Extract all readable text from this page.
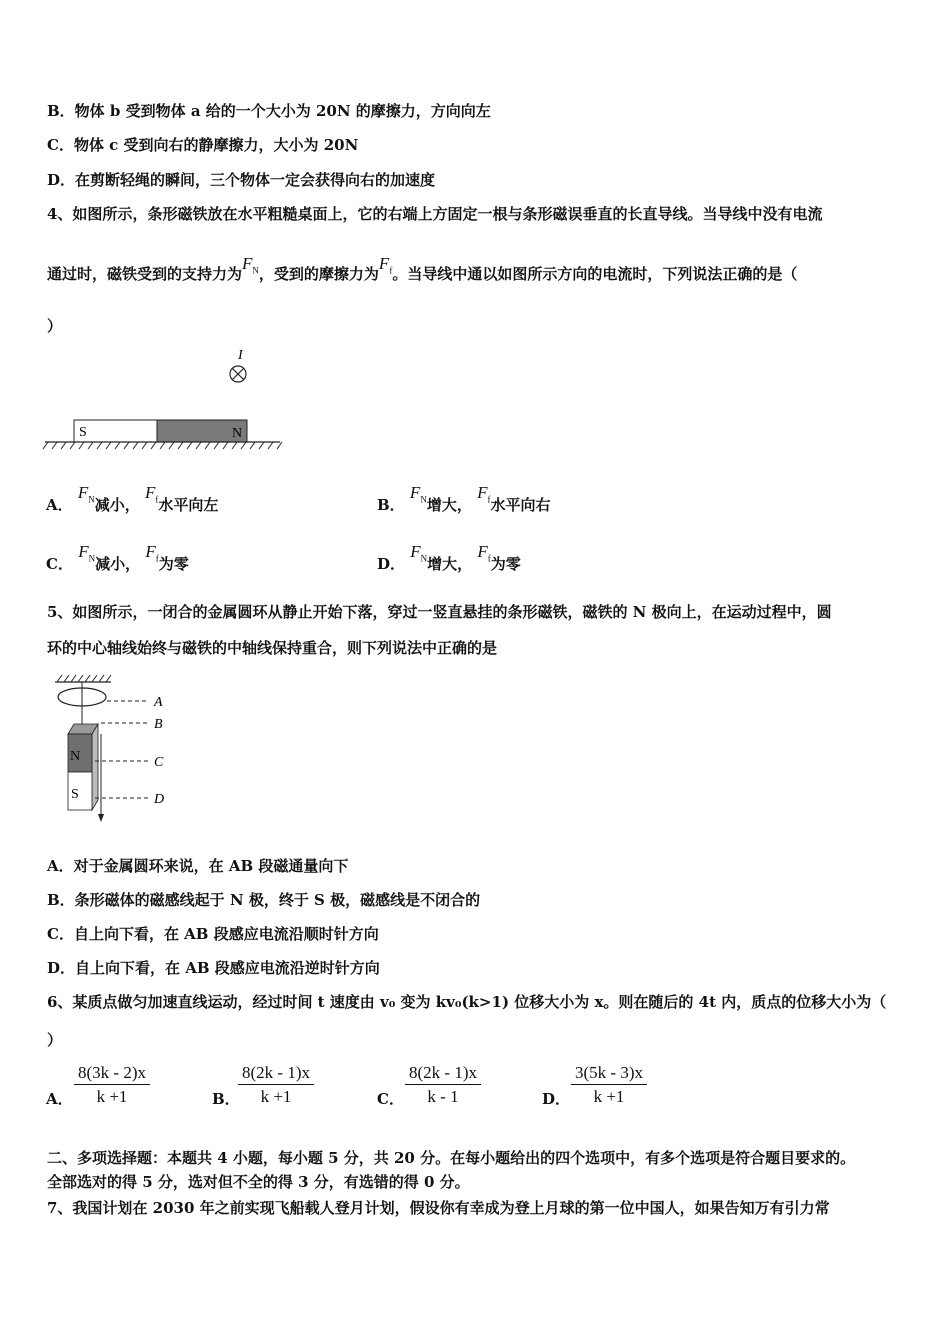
B．物体 b 受到物体 a 给的一个大小为 20N 的摩擦力，方向向左
C．物体 c 受到向右的静摩擦力，大小为 20N
D．在剪断轻绳的瞬间，三个物体一定会获得向右的加速度
4、如图所示，条形磁铁放在水平粗糙桌面上，它的右端上方固定一根与条形磁误垂直的长直导线。当导线中没有电流
通过时，磁铁受到的支持力为$F_N$，受到的摩擦力为$F_f$。当导线中通以如图所示方向的电流时，下列说法正确的是（
）
I
S	N
A． $F_N$减小， $F_f$水平向左	B． $F_N$增大， $F_f$水平向右
C． $F_N$减小， $F_f$为零	D． $F_N$增大， $F_f$为零
5、如图所示，一闭合的金属圆环从静止开始下落，穿过一竖直悬挂的条形磁铁，磁铁的 N 极向上，在运动过程中，圆
环的中心轴线始终与磁铁的中轴线保持重合，则下列说法中正确的是
N
S
A
B
C
D
A．对于金属圆环来说，在 AB 段磁通量向下
B．条形磁体的磁感线起于 N 极，终于 S 极，磁感线是不闭合的
C．自上向下看，在 AB 段感应电流沿顺时针方向
D．自上向下看，在 AB 段感应电流沿逆时针方向
6、某质点做匀加速直线运动，经过时间 t 速度由 v₀ 变为 kv₀(k>1) 位移大小为 x。则在随后的 4t 内，质点的位移大小为（
）
A． $\frac{8(3k - 2)x}{k +1}$	B．
$\frac{8(2k - 1)x}{k +1}$	C． $\frac{8(2k - 1)x}{k - 1}$	D． $\frac{3(5k - 3)x}{k +1}$
二、多项选择题：本题共 4 小题，每小题 5 分，共 20 分。在每小题给出的四个选项中，有多个选项是符合题目要求的。
全部选对的得 5 分，选对但不全的得 3 分，有选错的得 0 分。
7、我国计划在 2030 年之前实现飞船载人登月计划，假设你有幸成为登上月球的第一位中国人，如果告知万有引力常
